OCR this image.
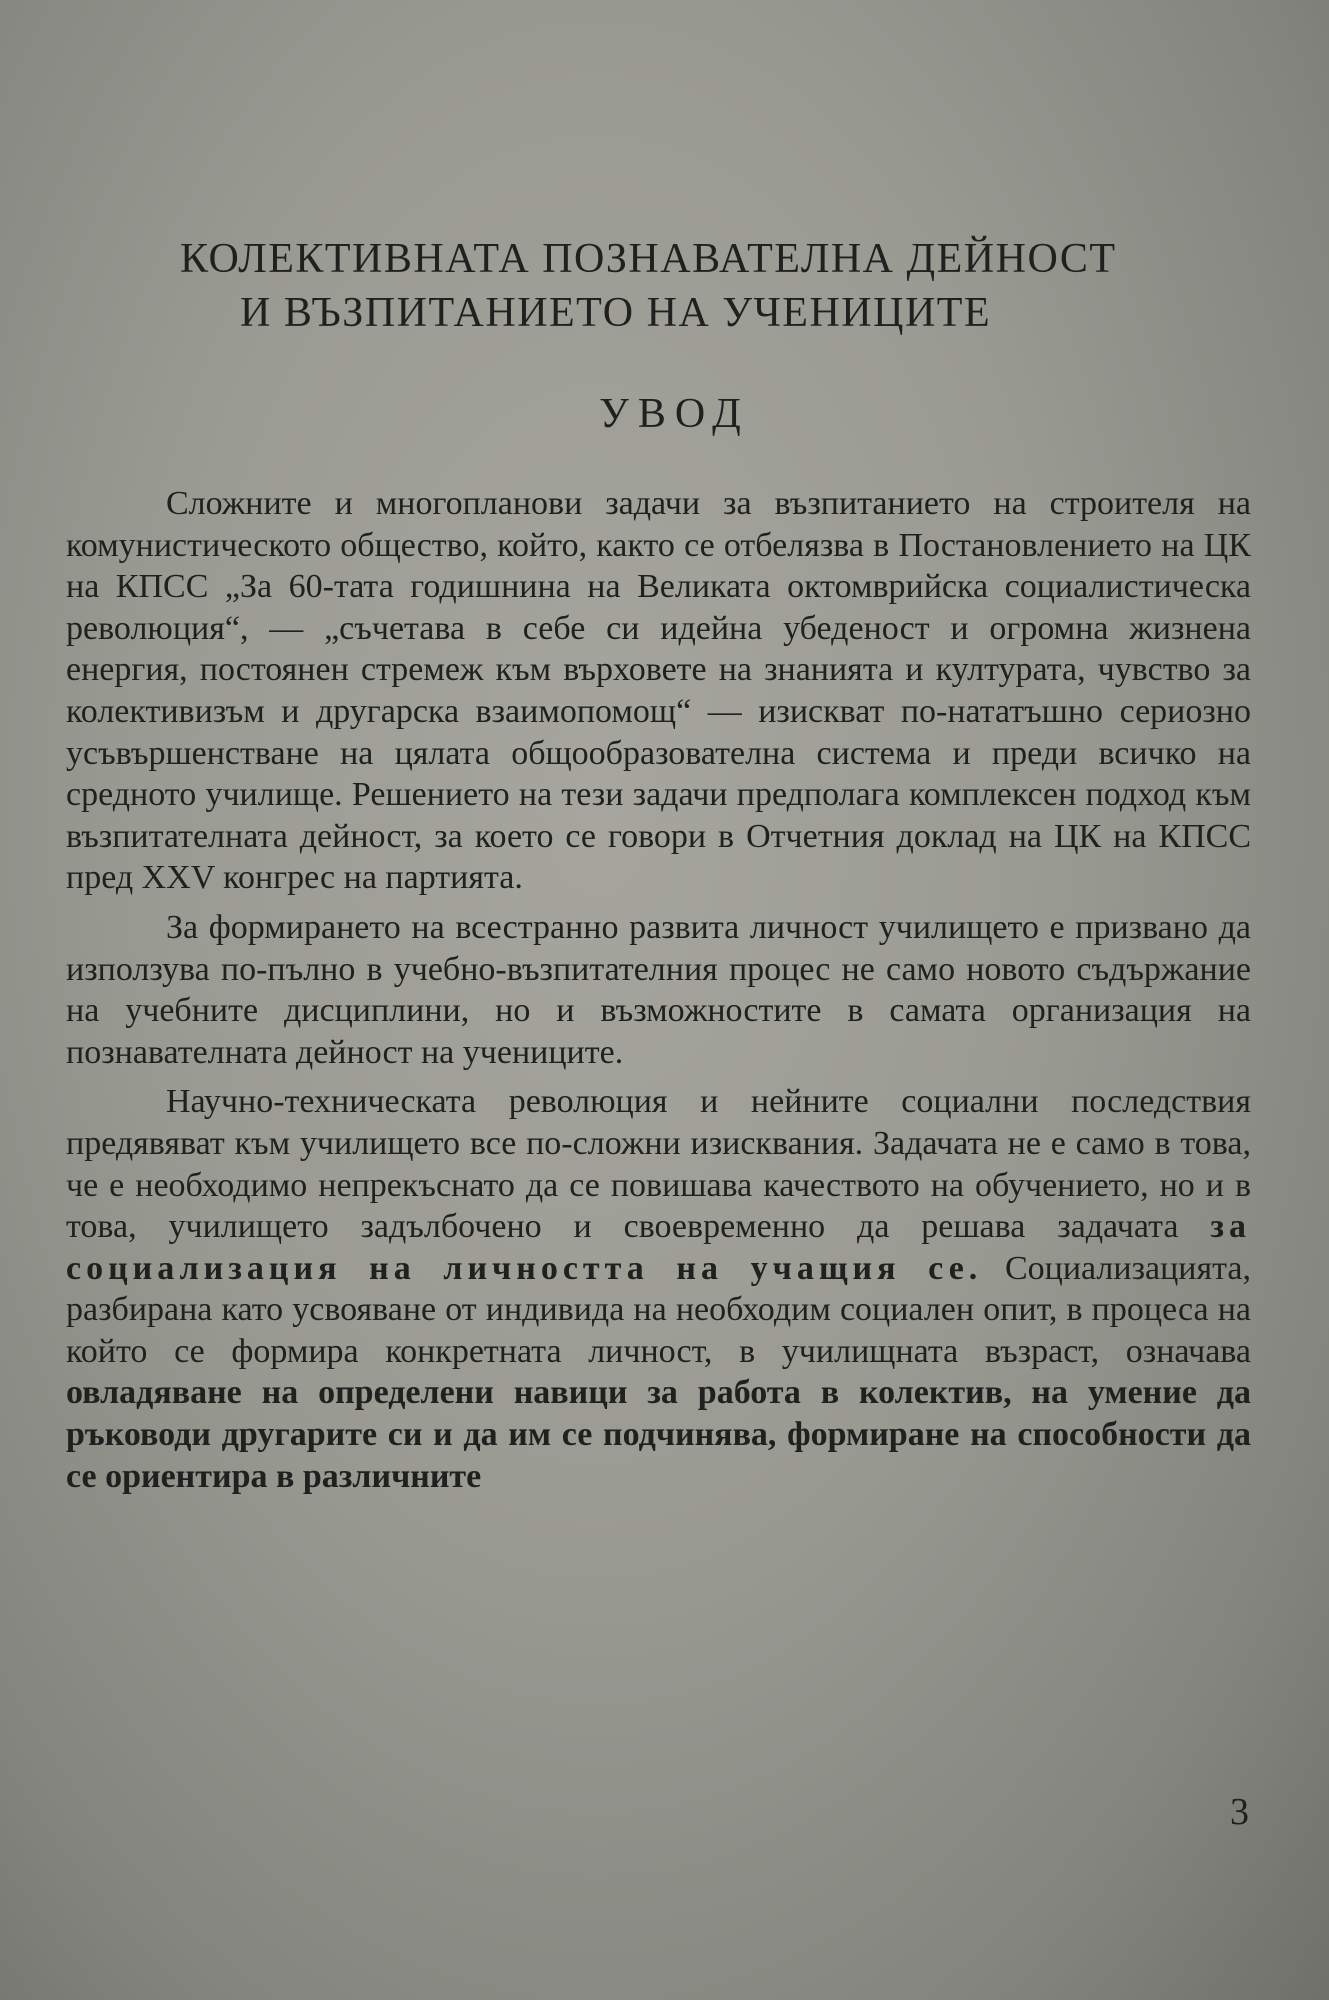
КОЛЕКТИВНАТА ПОЗНАВАТЕЛНА ДЕЙНОСТ
И ВЪЗПИТАНИЕТО НА УЧЕНИЦИТЕ
УВОД

Сложните и многопланови задачи за възпитанието на строителя на комунистическото общество, който, както се отбелязва в Постановлението на ЦК на КПСС „За 60-тата годишнина на Великата октомврийска социалистическа революция“, — „съчетава в себе си идейна убеденост и огромна жизнена енергия, постоянен стремеж към върховете на знанията и културата, чувство за колективизъм и другарска взаимопомощ“ — изискват по-нататъшно сериозно усъвършенстване на цялата общообразователна система и преди всичко на средното училище. Решението на тези задачи предполага комплексен подход към възпитателната дейност, за което се говори в Отчетния доклад на ЦК на КПСС пред XXV конгрес на партията.

За формирането на всестранно развита личност училището е призвано да използува по-пълно в учебно-възпитателния процес не само новото съдържание на учебните дисциплини, но и възможностите в самата организация на познавателната дейност на учениците.

Научно-техническата революция и нейните социални последствия предявяват към училището все по-сложни изисквания. Задачата не е само в това, че е необходимо непрекъснато да се повишава качеството на обучението, но и в това, училището задълбочено и своевременно да решава задачата за социализация на личността на учащия се. Социализацията, разбирана като усвояване от индивида на необходим социален опит, в процеса на който се формира конкретната личност, в училищната възраст, означава овладяване на определени навици за работа в колектив, на умение да ръководи другарите си и да им се подчинява, формиране на способности да се ориентира в различните

3
